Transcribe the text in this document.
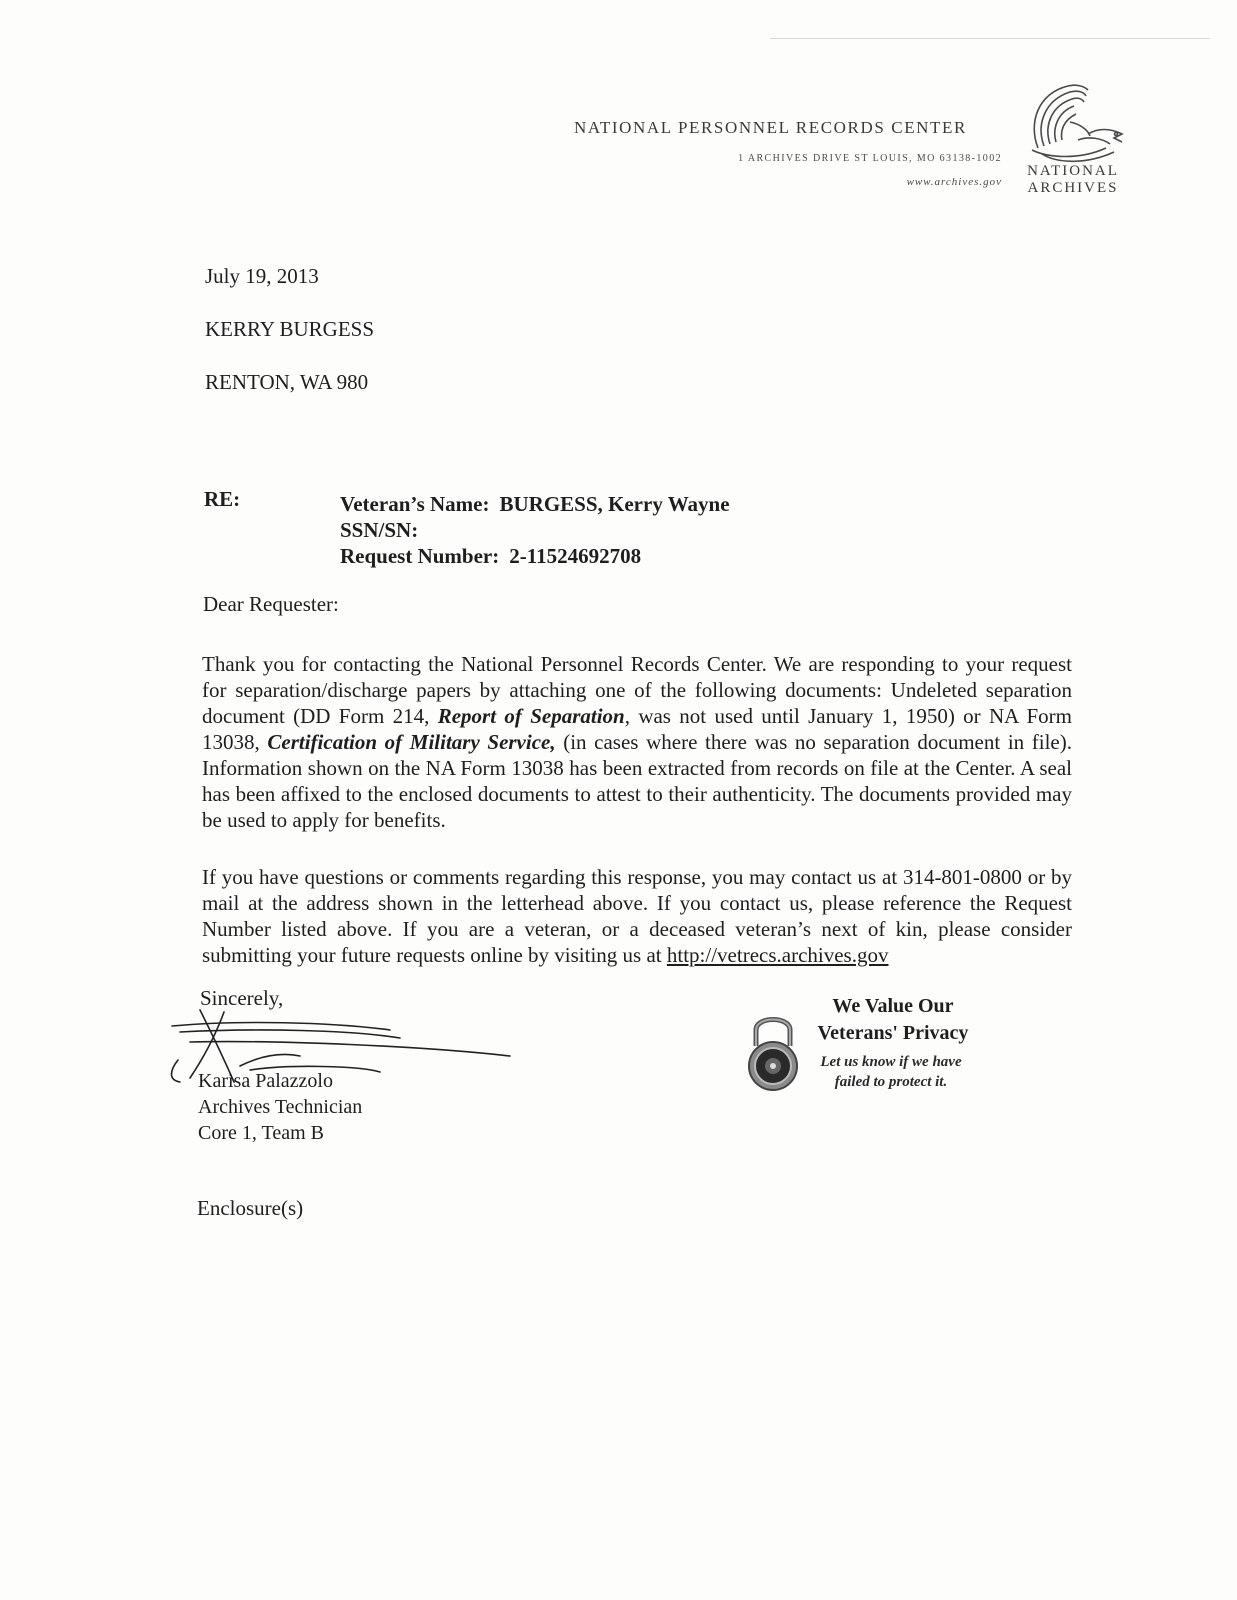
NATIONAL PERSONNEL RECORDS CENTER
1 ARCHIVES DRIVE ST LOUIS, MO 63138-1002
www.archives.gov
NATIONAL
ARCHIVES
July 19, 2013
KERRY BURGESS
RENTON, WA 980
RE:	Veteran’s Name: BURGESS, Kerry Wayne
SSN/SN:
Request Number: 2-11524692708
Dear Requester:
Thank you for contacting the National Personnel Records Center. We are responding to your request for separation/discharge papers by attaching one of the following documents: Undeleted separation document (DD Form 214, Report of Separation, was not used until January 1, 1950) or NA Form 13038, Certification of Military Service, (in cases where there was no separation document in file). Information shown on the NA Form 13038 has been extracted from records on file at the Center. A seal has been affixed to the enclosed documents to attest to their authenticity. The documents provided may be used to apply for benefits.
If you have questions or comments regarding this response, you may contact us at 314-801-0800 or by mail at the address shown in the letterhead above. If you contact us, please reference the Request Number listed above. If you are a veteran, or a deceased veteran’s next of kin, please consider submitting your future requests online by visiting us at http://vetrecs.archives.gov
Sincerely,
Karisa Palazzolo
Archives Technician
Core 1, Team B
Enclosure(s)
We Value Our
Veterans' Privacy
Let us know if we have
failed to protect it.
